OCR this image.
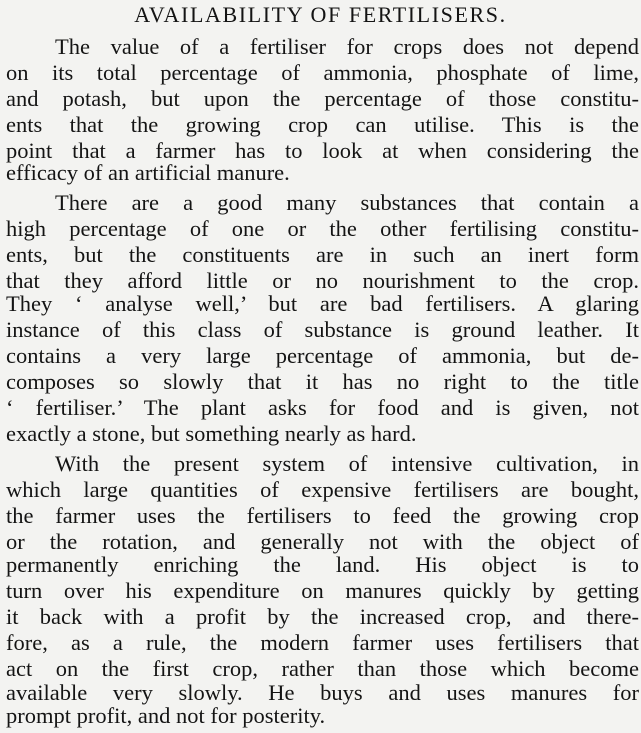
AVAILABILITY OF FERTILISERS.
The value of a fertiliser for crops does not depend
on its total percentage of ammonia, phosphate of lime,
and potash, but upon the percentage of those constitu-
ents that the growing crop can utilise. This is the
point that a farmer has to look at when considering the
efficacy of an artificial manure.
There are a good many substances that contain a
high percentage of one or the other fertilising constitu-
ents, but the constituents are in such an inert form
that they afford little or no nourishment to the crop.
They ‘ analyse well,’ but are bad fertilisers. A glaring
instance of this class of substance is ground leather. It
contains a very large percentage of ammonia, but de-
composes so slowly that it has no right to the title
‘ fertiliser.’ The plant asks for food and is given, not
exactly a stone, but something nearly as hard.
With the present system of intensive cultivation, in
which large quantities of expensive fertilisers are bought,
the farmer uses the fertilisers to feed the growing crop
or the rotation, and generally not with the object of
permanently enriching the land. His object is to
turn over his expenditure on manures quickly by getting
it back with a profit by the increased crop, and there-
fore, as a rule, the modern farmer uses fertilisers that
act on the first crop, rather than those which become
available very slowly. He buys and uses manures for
prompt profit, and not for posterity.
